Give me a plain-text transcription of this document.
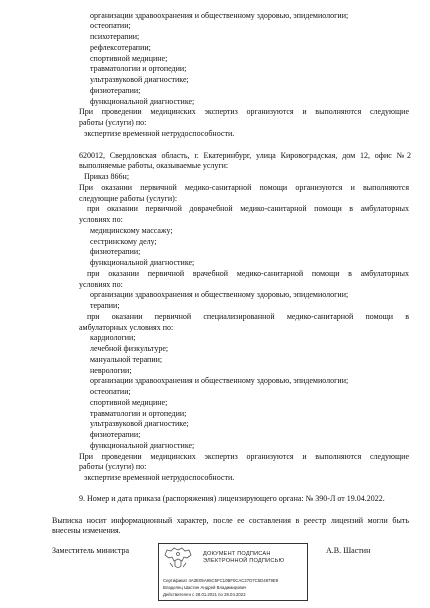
организации здравоохранения и общественному здоровью, эпидемиологии;
остеопатии;
психотерапии;
рефлексотерапии;
спортивной медицине;
травматологии и ортопедии;
ультразвуковой диагностике;
физиотерапии;
функциональной диагностике;
При проведении медицинских экспертиз организуются и выполняются следующие
работы (услуги) по:
экспертизе временной нетрудоспособности.
620012, Свердловская область, г. Екатеринбург, улица Кировоградская, дом 12, офис №2
выполняемые работы, оказываемые услуги:
Приказ 866н;
При оказании первичной медико-санитарной помощи организуются и выполняются
следующие работы (услуги):
при оказании первичной доврачебной медико-санитарной помощи в амбулаторных
условиях по:
медицинскому массажу;
сестринскому делу;
физиотерапии;
функциональной диагностике;
при оказании первичной врачебной медико-санитарной помощи в амбулаторных
условиях по:
организации здравоохранения и общественному здоровью, эпидемиологии;
терапии;
при оказании первичной специализированной медико-санитарной помощи в
амбулаторных условиях по:
кардиологии;
лечебной физкультуре;
мануальной терапии;
неврологии;
организации здравоохранения и общественному здоровью, эпидемиологии;
остеопатии;
спортивной медицине;
травматологии и ортопедии;
ультразвуковой диагностике;
физиотерапии;
функциональной диагностике;
При проведении медицинских экспертиз организуются и выполняются следующие
работы (услуги) по:
экспертизе временной нетрудоспособности.
9. Номер и дата приказа (распоряжения) лицензирующего органа: № 390-Л от 19.04.2022.
Выписка носит информационный характер, после ее составления в реестр лицензий могли быть
внесены изменения.
Заместитель министра	ДОКУМЕНТ ПОДПИСАН
ЭЛЕКТРОННОЙ ПОДПИСЬЮ
Сертификат 4A3E05A95C5FC10BF0CAC27D7C5D4879E9
Владелец Шастин Андрей Владимирович
Действителен с 28.01.2021 по 28.04.2022
А.В. Шастин
